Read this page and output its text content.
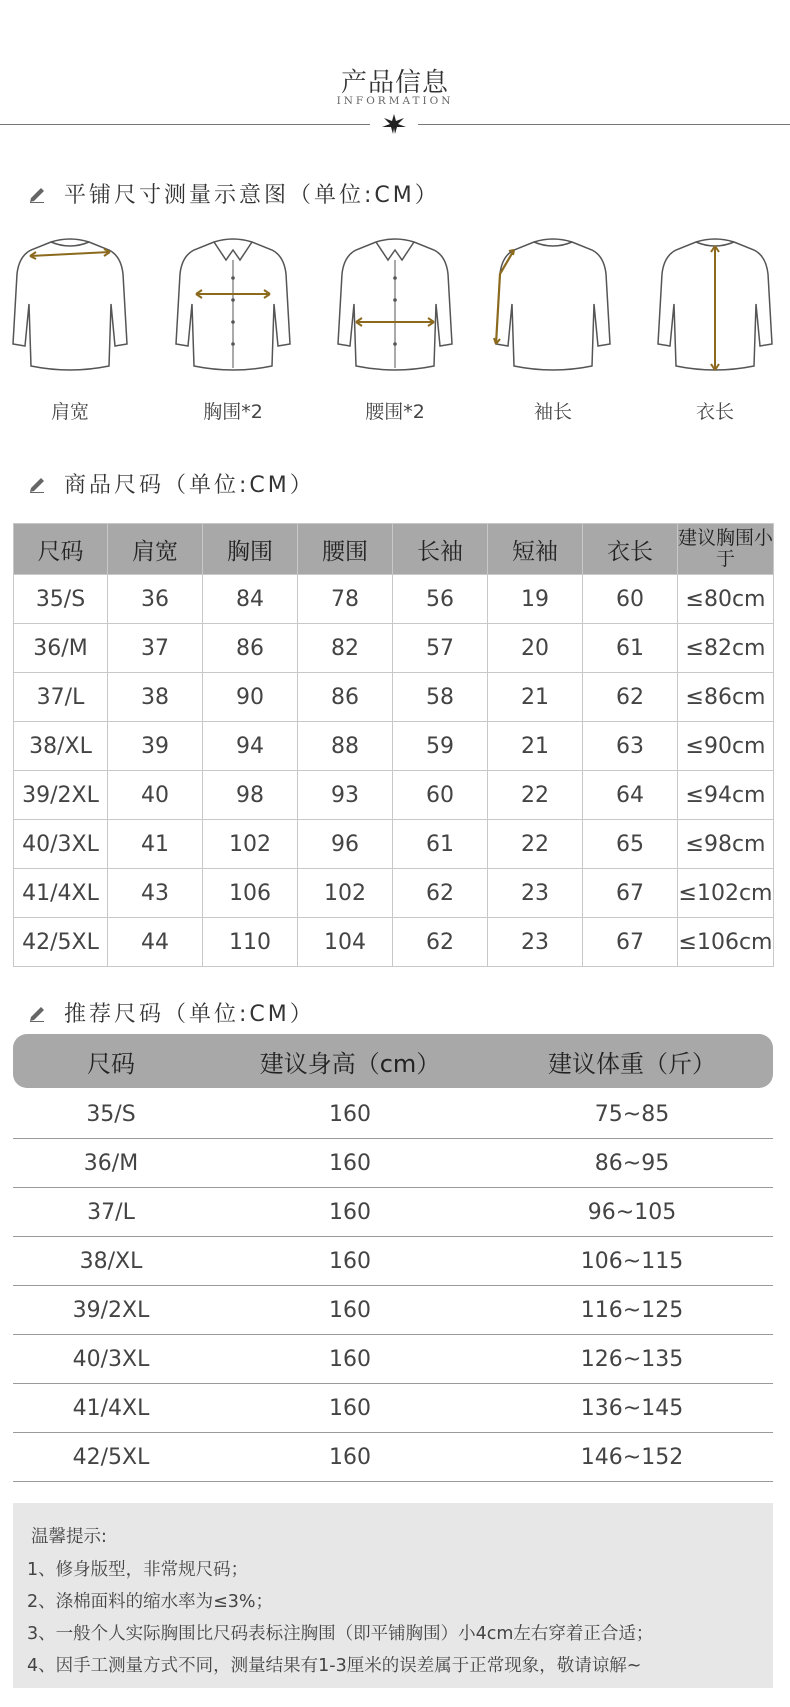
产品信息
INFORMATION
平铺尺寸测量示意图（单位:CM）
肩宽	胸围*2	腰围*2	袖长	衣长
商品尺码（单位:CM）
尺码	肩宽	胸围	腰围	长袖	短袖	衣长	建议胸围小于
35/S	36	84	78	56	19	60	≤80cm
36/M	37	86	82	57	20	61	≤82cm
37/L	38	90	86	58	21	62	≤86cm
38/XL	39	94	88	59	21	63	≤90cm
39/2XL	40	98	93	60	22	64	≤94cm
40/3XL	41	102	96	61	22	65	≤98cm
41/4XL	43	106	102	62	23	67	≤102cm
42/5XL	44	110	104	62	23	67	≤106cm
推荐尺码（单位:CM）
尺码	建议身高（cm）	建议体重（斤）
35/S	160	75~85
36/M	160	86~95
37/L	160	96~105
38/XL	160	106~115
39/2XL	160	116~125
40/3XL	160	126~135
41/4XL	160	136~145
42/5XL	160	146~152

温馨提示:

1、修身版型，非常规尺码；

2、涤棉面料的缩水率为≤3%；

3、一般个人实际胸围比尺码表标注胸围（即平铺胸围）小4cm左右穿着正合适；

4、因手工测量方式不同，测量结果有1-3厘米的误差属于正常现象，敬请谅解~
